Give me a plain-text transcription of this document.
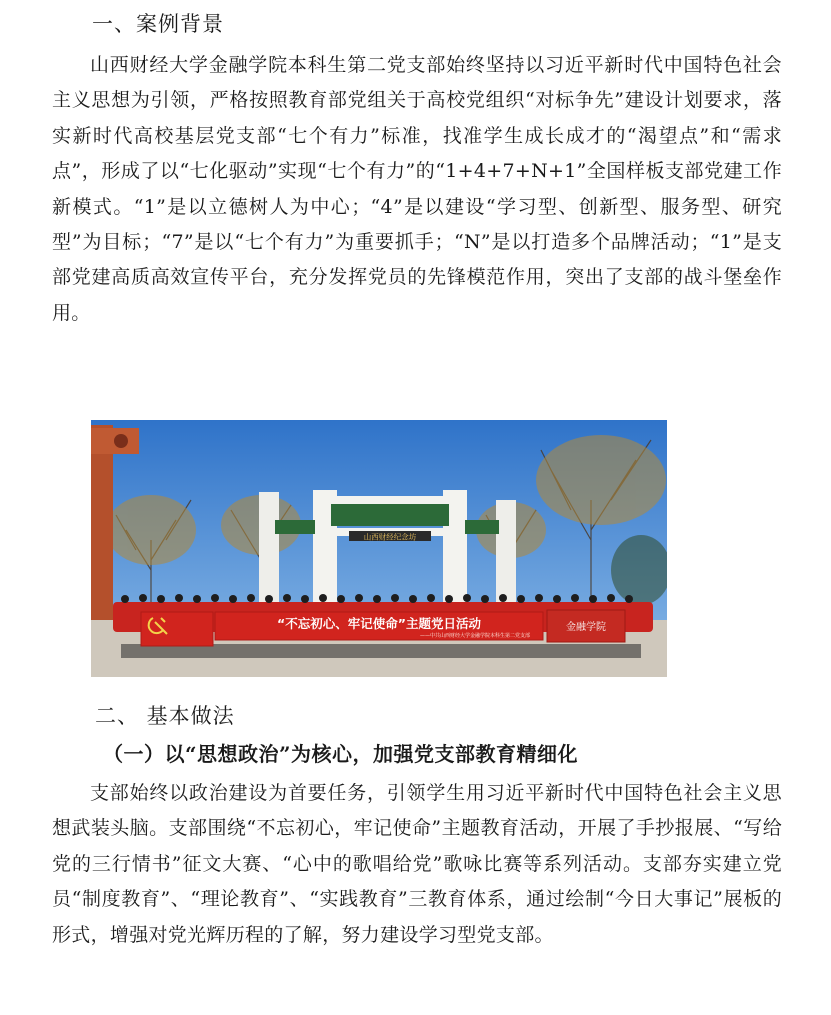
一、案例背景

山西财经大学金融学院本科生第二党支部始终坚持以习近平新时代中国特色社会主义思想为引领，严格按照教育部党组关于高校党组织“对标争先”建设计划要求，落实新时代高校基层党支部“七个有力”标准，找准学生成长成才的“渴望点”和“需求点”，形成了以“七化驱动”实现“七个有力”的“1+4+7+N+1”全国样板支部党建工作新模式。“1”是以立德树人为中心；“4”是以建设“学习型、创新型、服务型、研究型”为目标；“7”是以“七个有力”为重要抓手；“N”是以打造多个品牌活动；“1”是支部党建高质高效宣传平台，充分发挥党员的先锋模范作用，突出了支部的战斗堡垒作用。

山西财经纪念坊
“不忘初心、牢记使命”主题党日活动
——中共山西财经大学金融学院本科生第二党支部
金融学院
二、 基本做法
（一）以“思想政治”为核心，加强党支部教育精细化

支部始终以政治建设为首要任务，引领学生用习近平新时代中国特色社会主义思想武装头脑。支部围绕“不忘初心，牢记使命”主题教育活动，开展了手抄报展、“写给党的三行情书”征文大赛、“心中的歌唱给党”歌咏比赛等系列活动。支部夯实建立党员“制度教育”、“理论教育”、“实践教育”三教育体系，通过绘制“今日大事记”展板的形式，增强对党光辉历程的了解，努力建设学习型党支部。
